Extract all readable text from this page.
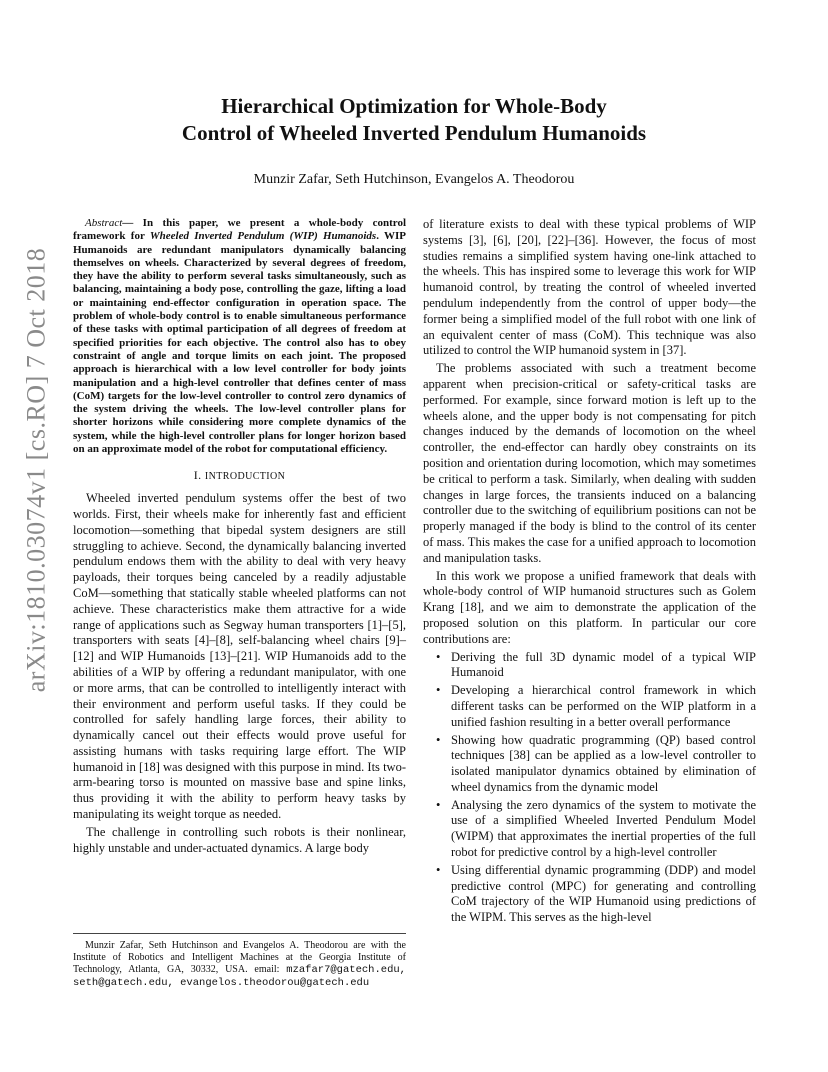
arXiv:1810.03074v1 [cs.RO] 7 Oct 2018
Hierarchical Optimization for Whole-Body
Control of Wheeled Inverted Pendulum Humanoids
Munzir Zafar, Seth Hutchinson, Evangelos A. Theodorou

Abstract— In this paper, we present a whole-body control framework for Wheeled Inverted Pendulum (WIP) Humanoids. WIP Humanoids are redundant manipulators dynamically balancing themselves on wheels. Characterized by several degrees of freedom, they have the ability to perform several tasks simultaneously, such as balancing, maintaining a body pose, controlling the gaze, lifting a load or maintaining end-effector configuration in operation space. The problem of whole-body control is to enable simultaneous performance of these tasks with optimal participation of all degrees of freedom at specified priorities for each objective. The control also has to obey constraint of angle and torque limits on each joint. The proposed approach is hierarchical with a low level controller for body joints manipulation and a high-level controller that defines center of mass (CoM) targets for the low-level controller to control zero dynamics of the system driving the wheels. The low-level controller plans for shorter horizons while considering more complete dynamics of the system, while the high-level controller plans for longer horizon based on an approximate model of the robot for computational efficiency.

I. INTRODUCTION

Wheeled inverted pendulum systems offer the best of two worlds. First, their wheels make for inherently fast and efficient locomotion—something that bipedal system designers are still struggling to achieve. Second, the dynamically balancing inverted pendulum endows them with the ability to deal with very heavy payloads, their torques being canceled by a readily adjustable CoM—something that statically stable wheeled platforms can not achieve. These characteristics make them attractive for a wide range of applications such as Segway human transporters [1]–[5], transporters with seats [4]–[8], self-balancing wheel chairs [9]–[12] and WIP Humanoids [13]–[21]. WIP Humanoids add to the abilities of a WIP by offering a redundant manipulator, with one or more arms, that can be controlled to intelligently interact with their environment and perform useful tasks. If they could be controlled for safely handling large forces, their ability to dynamically cancel out their effects would prove useful for assisting humans with tasks requiring large effort. The WIP humanoid in [18] was designed with this purpose in mind. Its two-arm-bearing torso is mounted on massive base and spine links, thus providing it with the ability to perform heavy tasks by manipulating its weight torque as needed.

The challenge in controlling such robots is their nonlinear, highly unstable and under-actuated dynamics. A large body

Munzir Zafar, Seth Hutchinson and Evangelos A. Theodorou are with the Institute of Robotics and Intelligent Machines at the Georgia Institute of Technology, Atlanta, GA, 30332, USA. email: mzafar7@gatech.edu, seth@gatech.edu, evangelos.theodorou@gatech.edu

of literature exists to deal with these typical problems of WIP systems [3], [6], [20], [22]–[36]. However, the focus of most studies remains a simplified system having one-link attached to the wheels. This has inspired some to leverage this work for WIP humanoid control, by treating the control of wheeled inverted pendulum independently from the control of upper body—the former being a simplified model of the full robot with one link of an equivalent center of mass (CoM). This technique was also utilized to control the WIP humanoid system in [37].

The problems associated with such a treatment become apparent when precision-critical or safety-critical tasks are performed. For example, since forward motion is left up to the wheels alone, and the upper body is not compensating for pitch changes induced by the demands of locomotion on the wheel controller, the end-effector can hardly obey constraints on its position and orientation during locomotion, which may sometimes be critical to perform a task. Similarly, when dealing with sudden changes in large forces, the transients induced on a balancing controller due to the switching of equilibrium positions can not be properly managed if the body is blind to the control of its center of mass. This makes the case for a unified approach to locomotion and manipulation tasks.

In this work we propose a unified framework that deals with whole-body control of WIP humanoid structures such as Golem Krang [18], and we aim to demonstrate the application of the proposed solution on this platform. In particular our core contributions are:

• Deriving the full 3D dynamic model of a typical WIP Humanoid
• Developing a hierarchical control framework in which different tasks can be performed on the WIP platform in a unified fashion resulting in a better overall performance
• Showing how quadratic programming (QP) based control techniques [38] can be applied as a low-level controller to isolated manipulator dynamics obtained by elimination of wheel dynamics from the dynamic model
• Analysing the zero dynamics of the system to motivate the use of a simplified Wheeled Inverted Pendulum Model (WIPM) that approximates the inertial properties of the full robot for predictive control by a high-level controller
• Using differential dynamic programming (DDP) and model predictive control (MPC) for generating and controlling CoM trajectory of the WIP Humanoid using predictions of the WIPM. This serves as the high-level
